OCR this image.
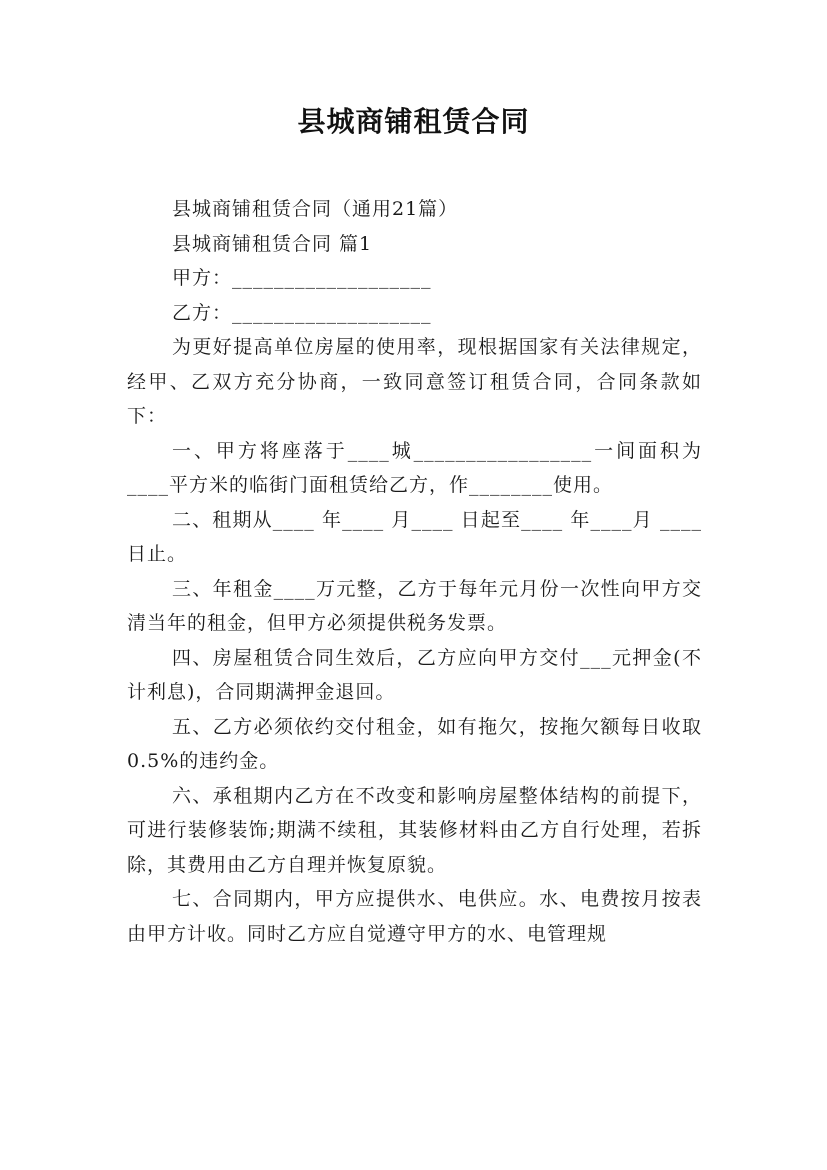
县城商铺租赁合同

县城商铺租赁合同（通用21篇）

县城商铺租赁合同 篇1

甲方：___________________

乙方：___________________

为更好提高单位房屋的使用率，现根据国家有关法律规定，经甲、乙双方充分协商，一致同意签订租赁合同，合同条款如下：

一、甲方将座落于____城_________________一间面积为____平方米的临街门面租赁给乙方，作________使用。

二、租期从____ 年____ 月____ 日起至____ 年____月 ____ 日止。

三、年租金____万元整，乙方于每年元月份一次性向甲方交清当年的租金，但甲方必须提供税务发票。

四、房屋租赁合同生效后，乙方应向甲方交付___元押金(不计利息)，合同期满押金退回。

五、乙方必须依约交付租金，如有拖欠，按拖欠额每日收取0.5%的违约金。

六、承租期内乙方在不改变和影响房屋整体结构的前提下，可进行装修装饰;期满不续租，其装修材料由乙方自行处理，若拆除，其费用由乙方自理并恢复原貌。

七、合同期内，甲方应提供水、电供应。水、电费按月按表由甲方计收。同时乙方应自觉遵守甲方的水、电管理规
